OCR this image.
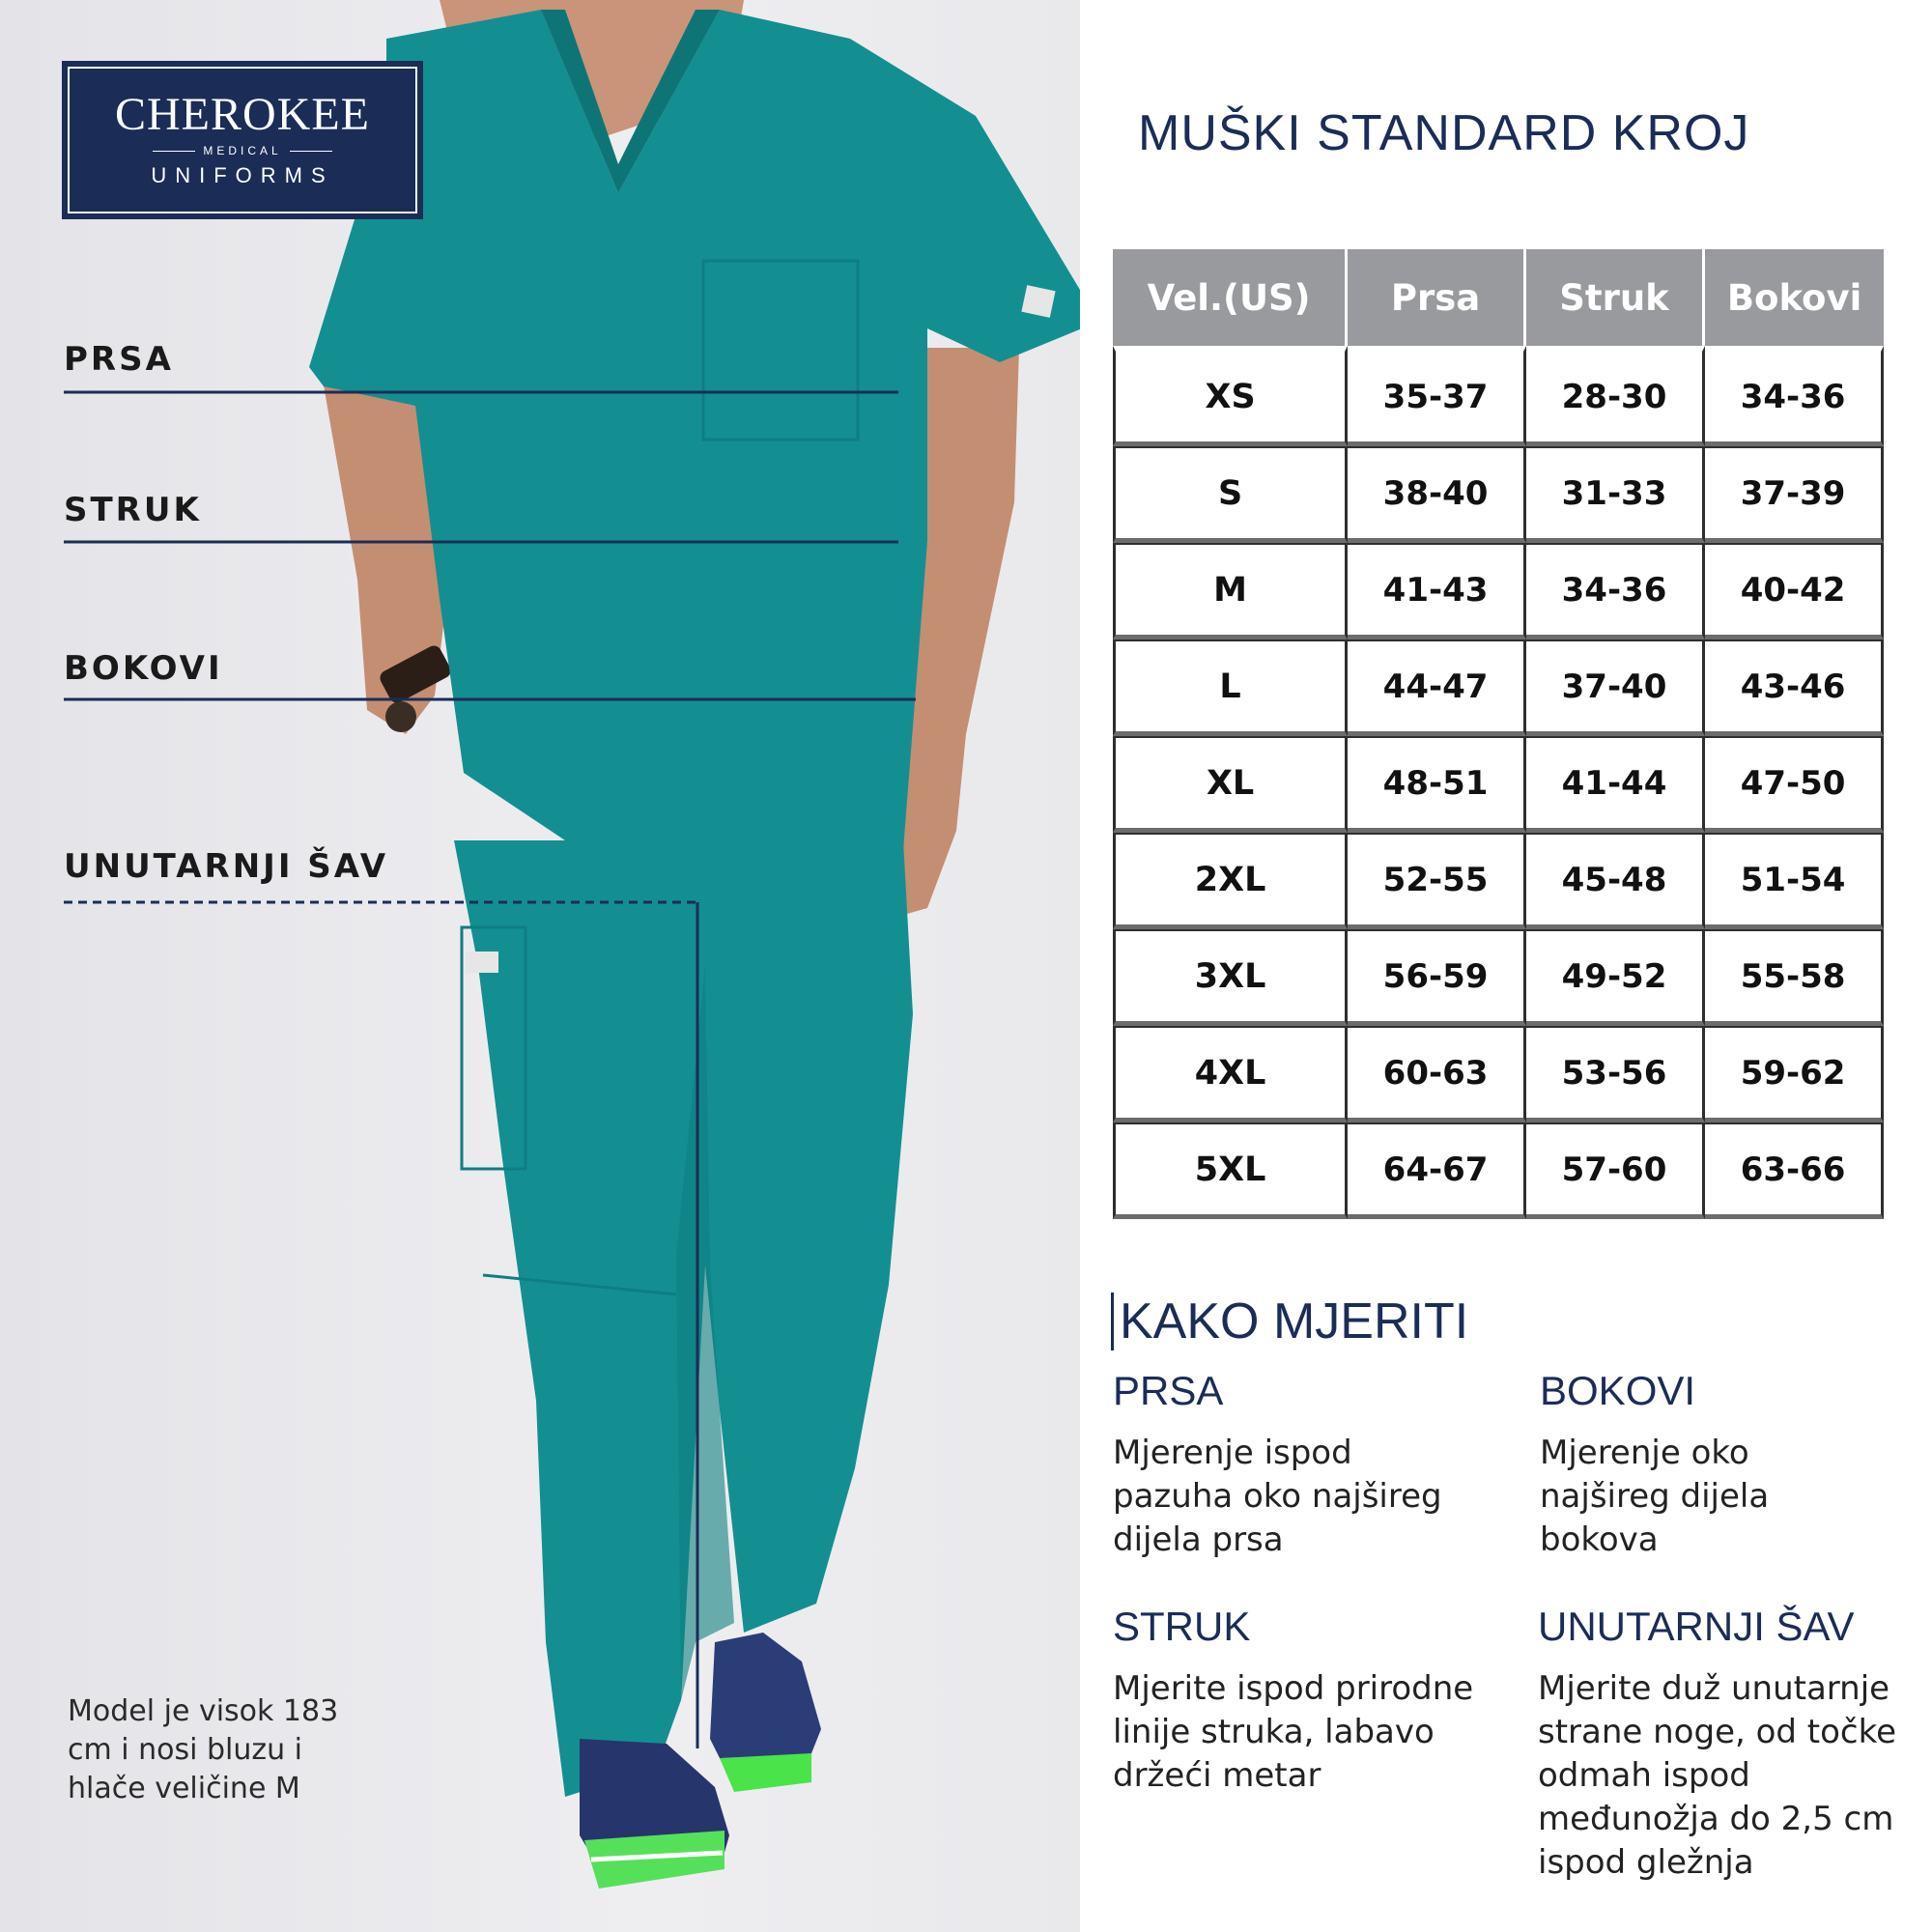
CHEROKEE
MEDICAL
UNIFORMS
PRSA
STRUK
BOKOVI
UNUTARNJI ŠAV
Model je visok 183 cm i nosi bluzu i hlače veličine M
MUŠKI STANDARD KROJ
Vel.(US)	Prsa	Struk	Bokovi
XS	35-37	28-30	34-36
S	38-40	31-33	37-39
M	41-43	34-36	40-42
L	44-47	37-40	43-46
XL	48-51	41-44	47-50
2XL	52-55	45-48	51-54
3XL	56-59	49-52	55-58
4XL	60-63	53-56	59-62
5XL	64-67	57-60	63-66
KAKO MJERITI
PRSA
Mjerenje ispod pazuha oko najšireg dijela prsa
BOKOVI
Mjerenje oko najšireg dijela bokova
STRUK
Mjerite ispod prirodne linije struka, labavo držeći metar
UNUTARNJI ŠAV
Mjerite duž unutarnje strane noge, od točke odmah ispod međunožja do 2,5 cm ispod gležnja
